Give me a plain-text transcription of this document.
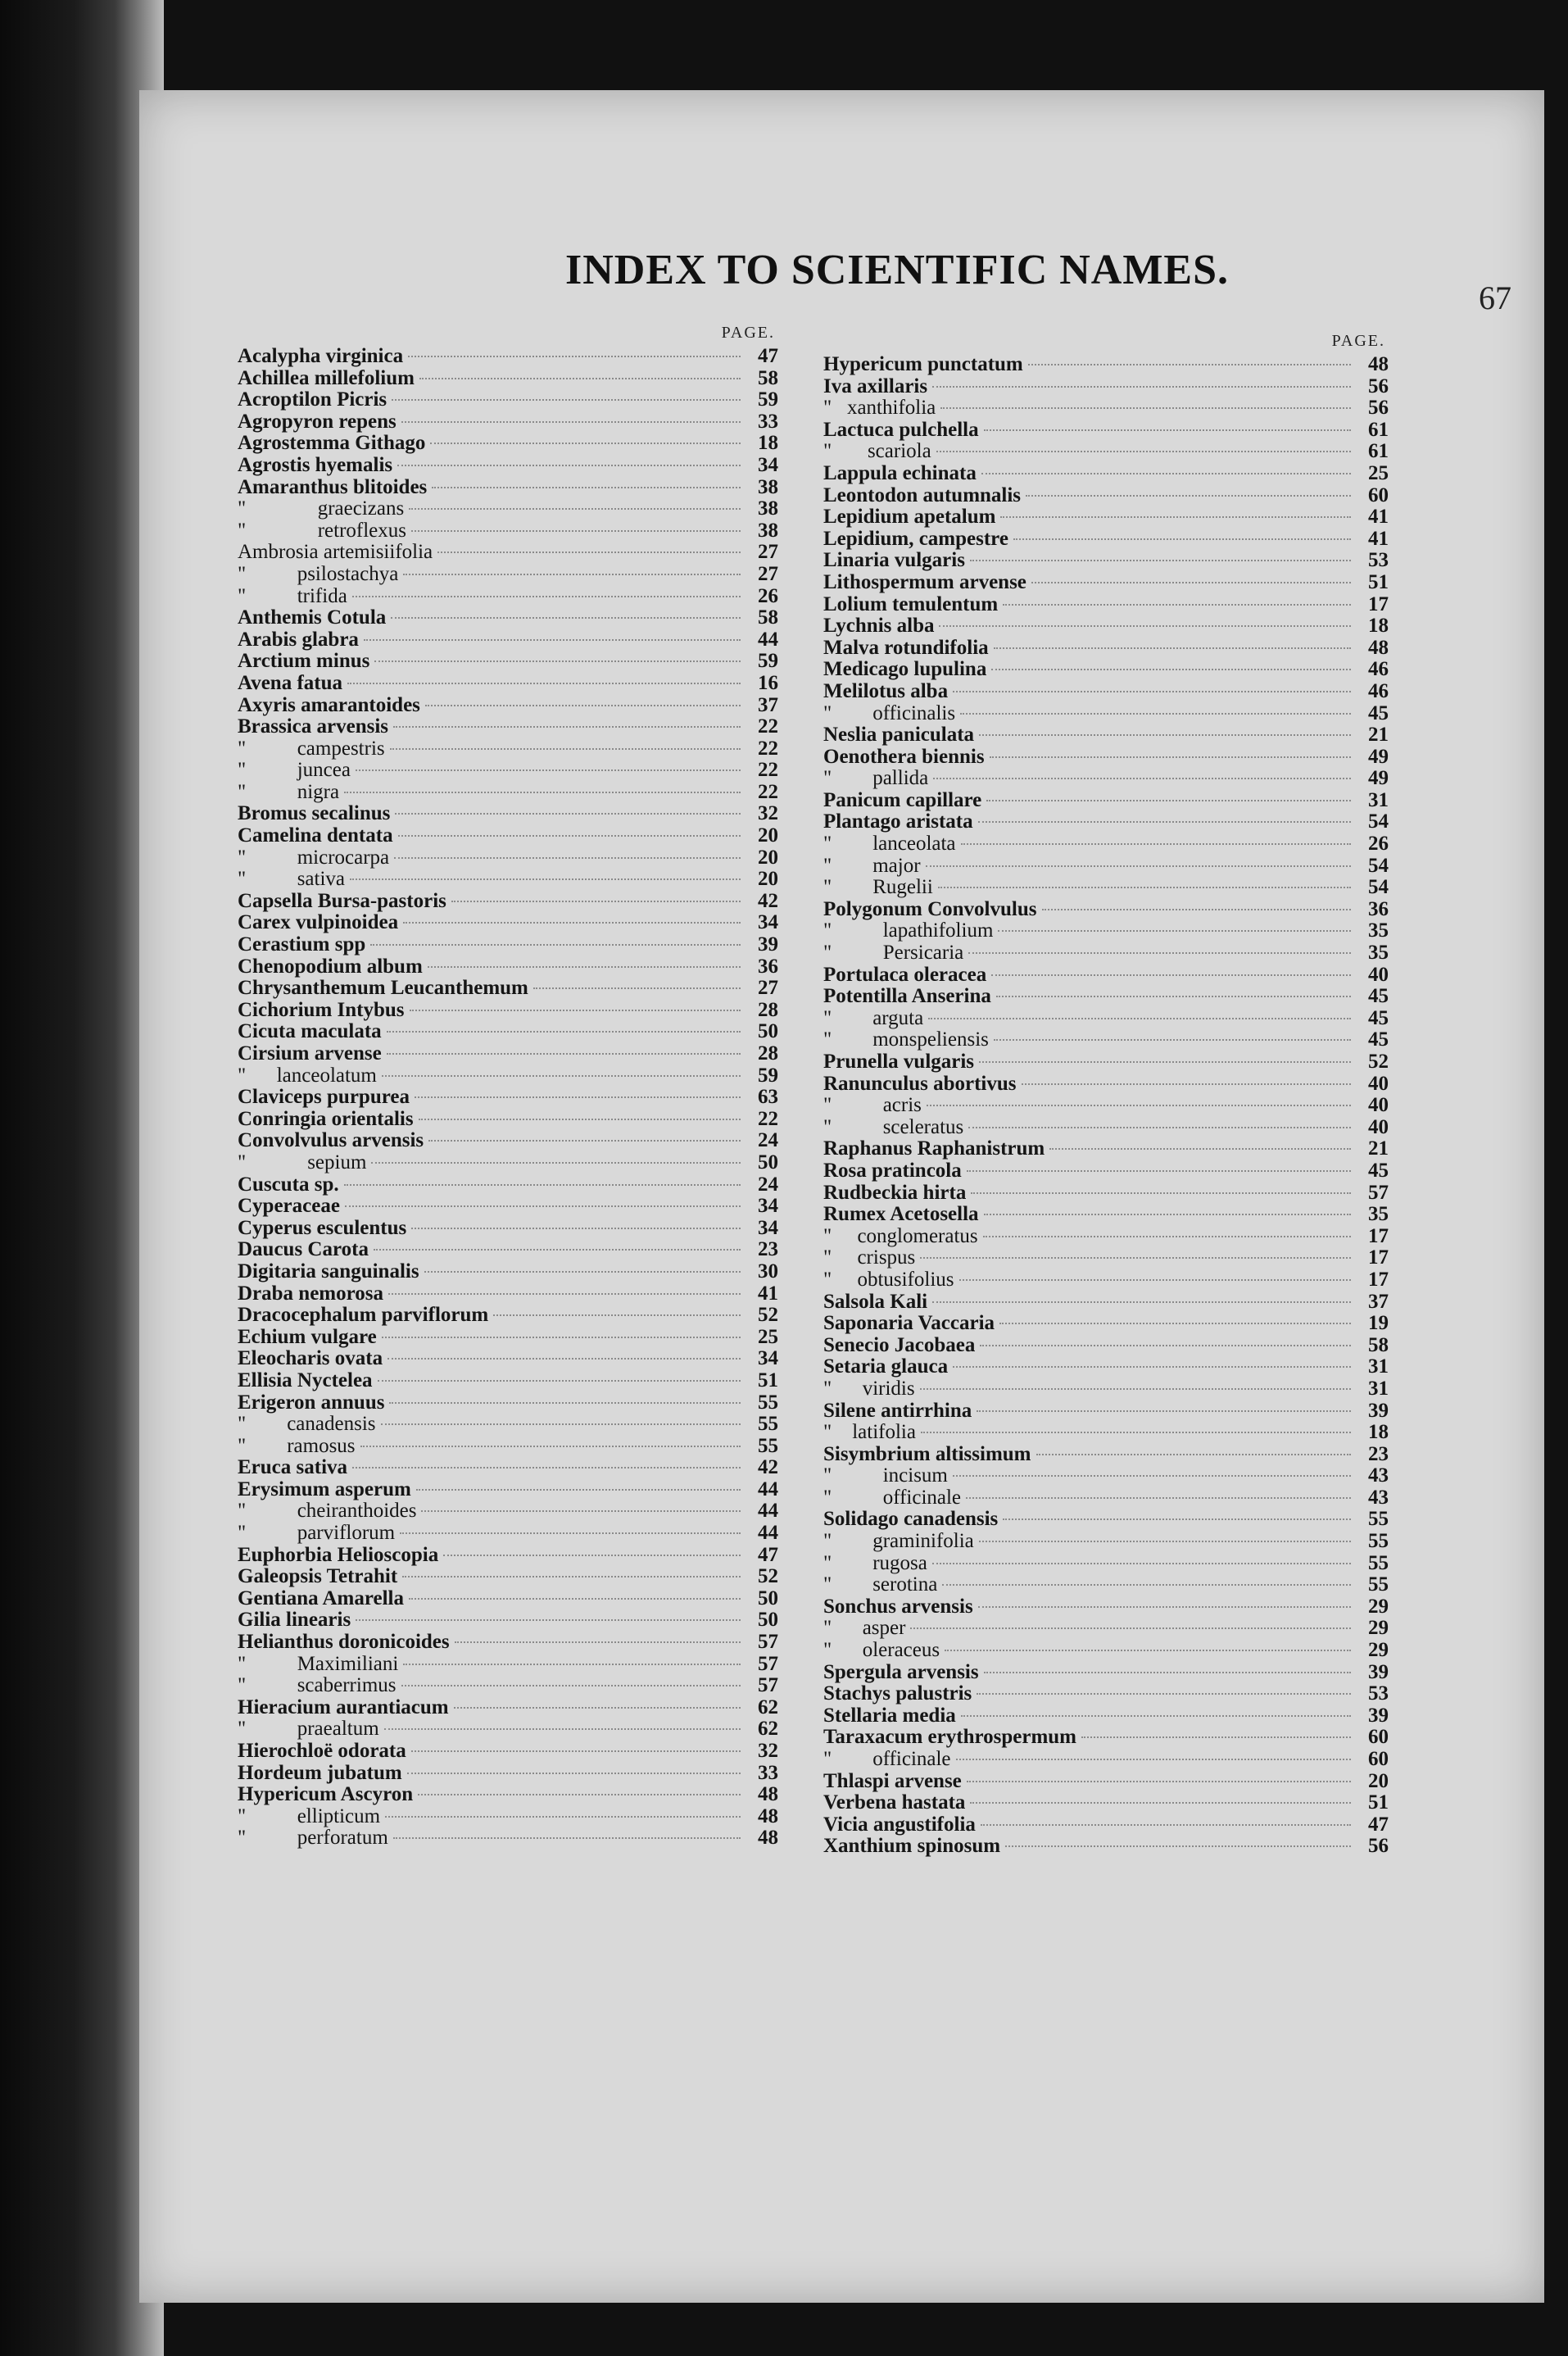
INDEX TO SCIENTIFIC NAMES.
67
PAGE.
Acalypha virginica	47
Achillea millefolium	58
Acroptilon Picris	59
Agropyron repens	33
Agrostemma Githago	18
Agrostis hyemalis	34
Amaranthus blitoides	38
"              graecizans	38
"              retroflexus	38
Ambrosia artemisiifolia	27
"          psilostachya	27
"          trifida	26
Anthemis Cotula	58
Arabis glabra	44
Arctium minus	59
Avena fatua	16
Axyris amarantoides	37
Brassica arvensis	22
"          campestris	22
"          juncea	22
"          nigra	22
Bromus secalinus	32
Camelina dentata	20
"          microcarpa	20
"          sativa	20
Capsella Bursa-pastoris	42
Carex vulpinoidea	34
Cerastium spp	39
Chenopodium album	36
Chrysanthemum Leucanthemum	27
Cichorium Intybus	28
Cicuta maculata	50
Cirsium arvense	28
"      lanceolatum	59
Claviceps purpurea	63
Conringia orientalis	22
Convolvulus arvensis	24
"            sepium	50
Cuscuta sp.	24
Cyperaceae	34
Cyperus esculentus	34
Daucus Carota	23
Digitaria sanguinalis	30
Draba nemorosa	41
Dracocephalum parviflorum	52
Echium vulgare	25
Eleocharis ovata	34
Ellisia Nyctelea	51
Erigeron annuus	55
"        canadensis	55
"        ramosus	55
Eruca sativa	42
Erysimum asperum	44
"          cheiranthoides	44
"          parviflorum	44
Euphorbia Helioscopia	47
Galeopsis Tetrahit	52
Gentiana Amarella	50
Gilia linearis	50
Helianthus doronicoides	57
"          Maximiliani	57
"          scaberrimus	57
Hieracium aurantiacum	62
"          praealtum	62
Hierochloë odorata	32
Hordeum jubatum	33
Hypericum Ascyron	48
"          ellipticum	48
"          perforatum	48
PAGE.
Hypericum punctatum	48
Iva axillaris	56
"   xanthifolia	56
Lactuca pulchella	61
"       scariola	61
Lappula echinata	25
Leontodon autumnalis	60
Lepidium apetalum	41
Lepidium, campestre	41
Linaria vulgaris	53
Lithospermum arvense	51
Lolium temulentum	17
Lychnis alba	18
Malva rotundifolia	48
Medicago lupulina	46
Melilotus alba	46
"        officinalis	45
Neslia paniculata	21
Oenothera biennis	49
"        pallida	49
Panicum capillare	31
Plantago aristata	54
"        lanceolata	26
"        major	54
"        Rugelii	54
Polygonum Convolvulus	36
"          lapathifolium	35
"          Persicaria	35
Portulaca oleracea	40
Potentilla Anserina	45
"        arguta	45
"        monspeliensis	45
Prunella vulgaris	52
Ranunculus abortivus	40
"          acris	40
"          sceleratus	40
Raphanus Raphanistrum	21
Rosa pratincola	45
Rudbeckia hirta	57
Rumex Acetosella	35
"     conglomeratus	17
"     crispus	17
"     obtusifolius	17
Salsola Kali	37
Saponaria Vaccaria	19
Senecio Jacobaea	58
Setaria glauca	31
"      viridis	31
Silene antirrhina	39
"    latifolia	18
Sisymbrium altissimum	23
"          incisum	43
"          officinale	43
Solidago canadensis	55
"        graminifolia	55
"        rugosa	55
"        serotina	55
Sonchus arvensis	29
"      asper	29
"      oleraceus	29
Spergula arvensis	39
Stachys palustris	53
Stellaria media	39
Taraxacum erythrospermum	60
"        officinale	60
Thlaspi arvense	20
Verbena hastata	51
Vicia angustifolia	47
Xanthium spinosum	56
